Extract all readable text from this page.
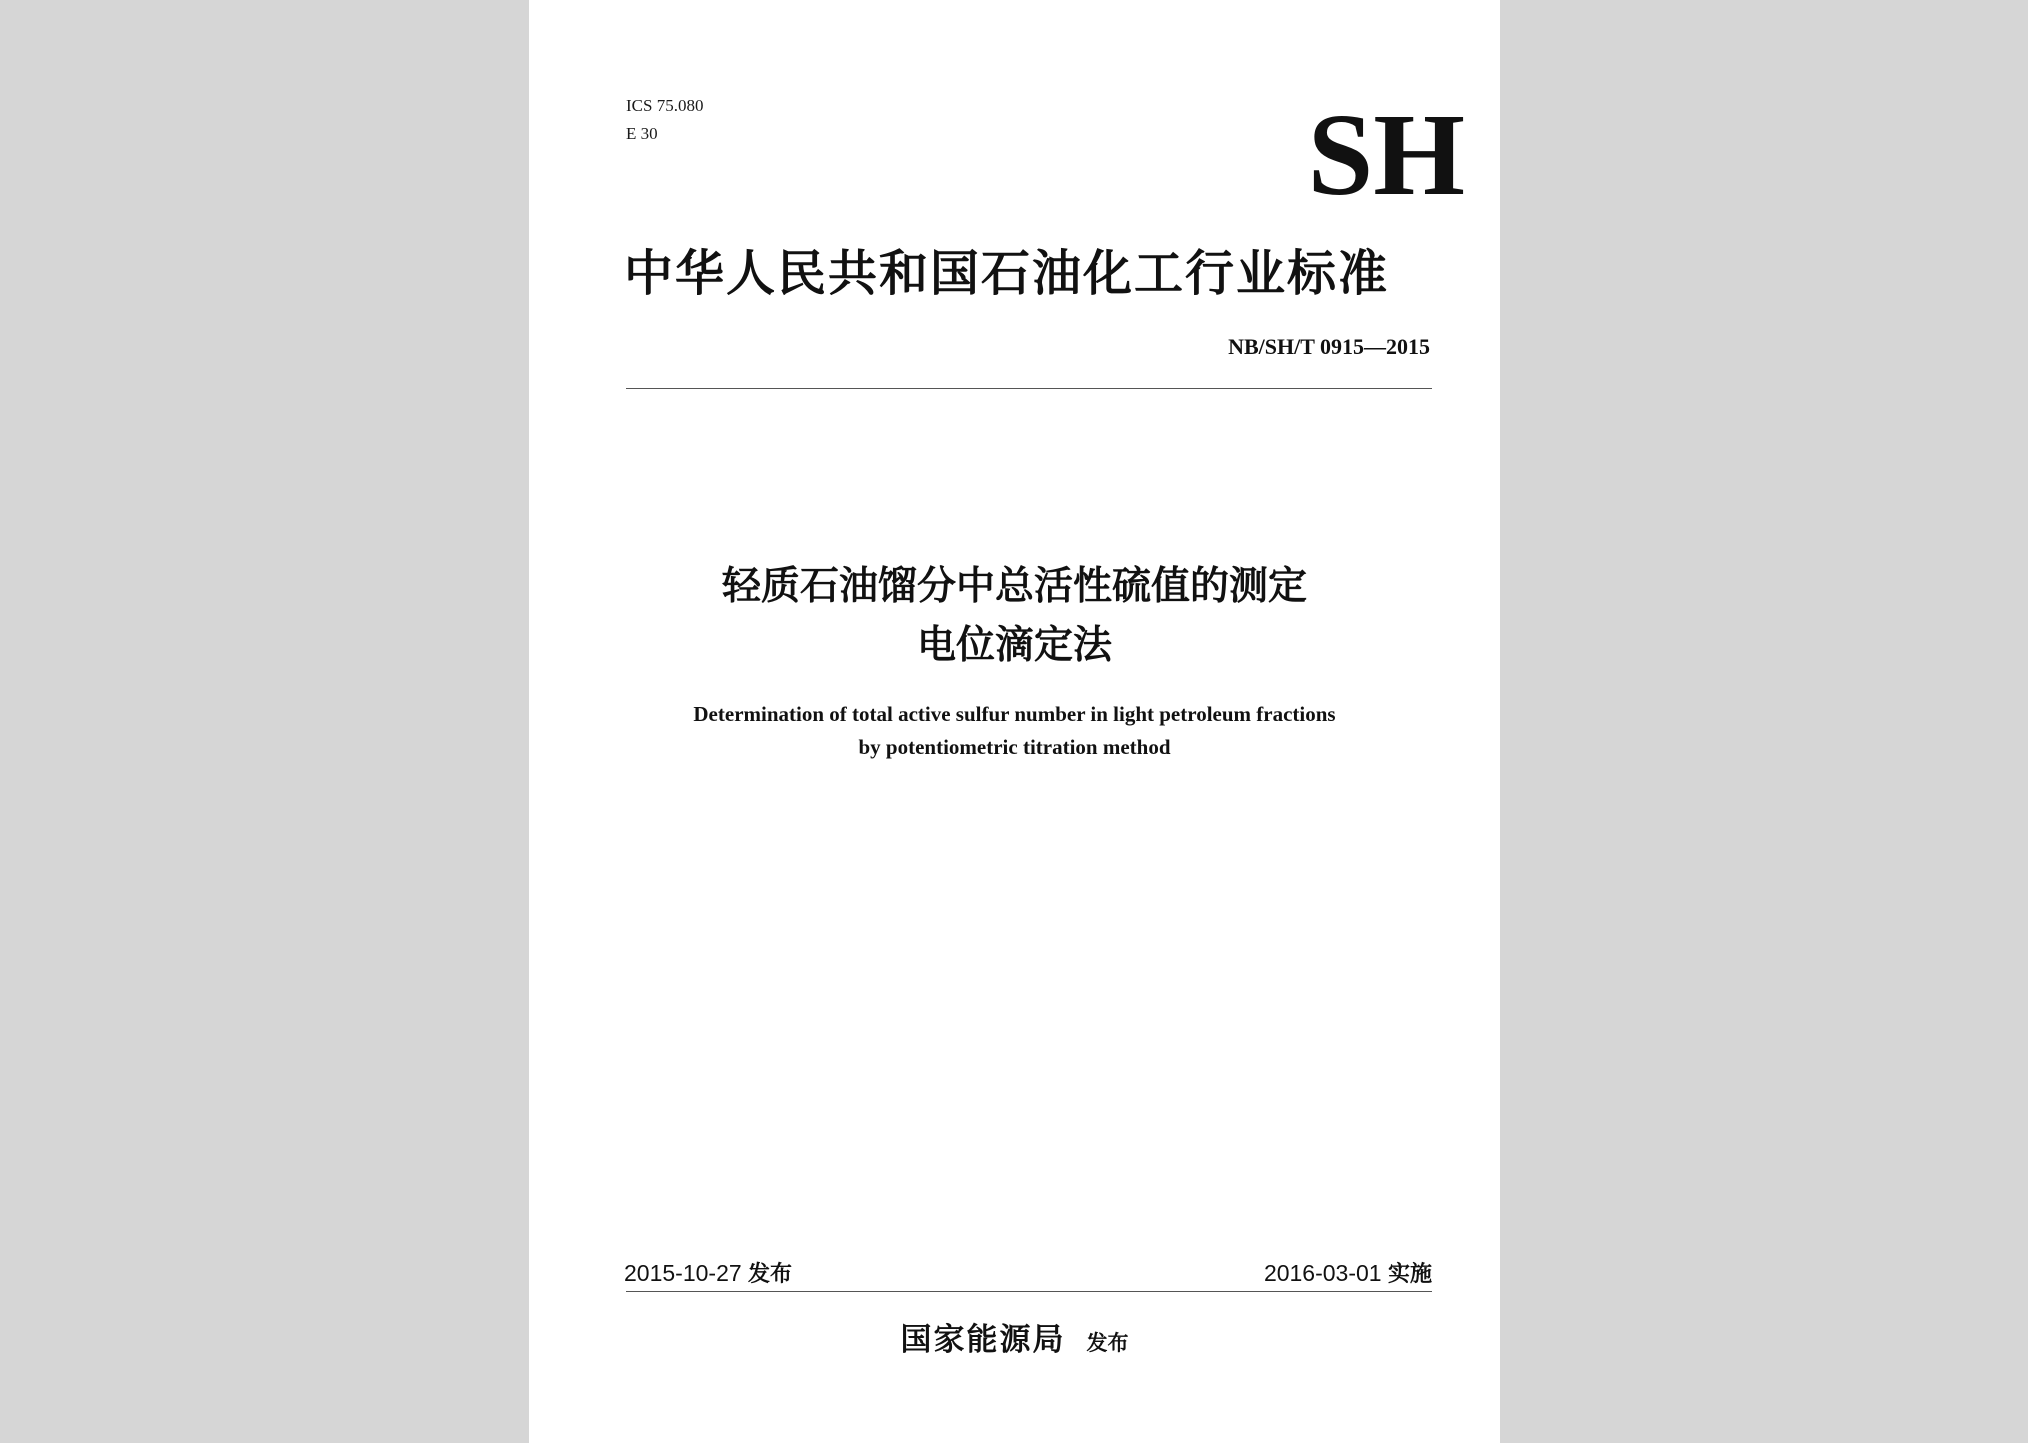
ICS 75.080
E 30	SH
中华人民共和国石油化工行业标准
NB/SH/T 0915—2015
轻质石油馏分中总活性硫值的测定
电位滴定法
Determination of total active sulfur number in light petroleum fractions
by potentiometric titration method
2015-10-27 发布	2016-03-01 实施
国家能源局 发布
